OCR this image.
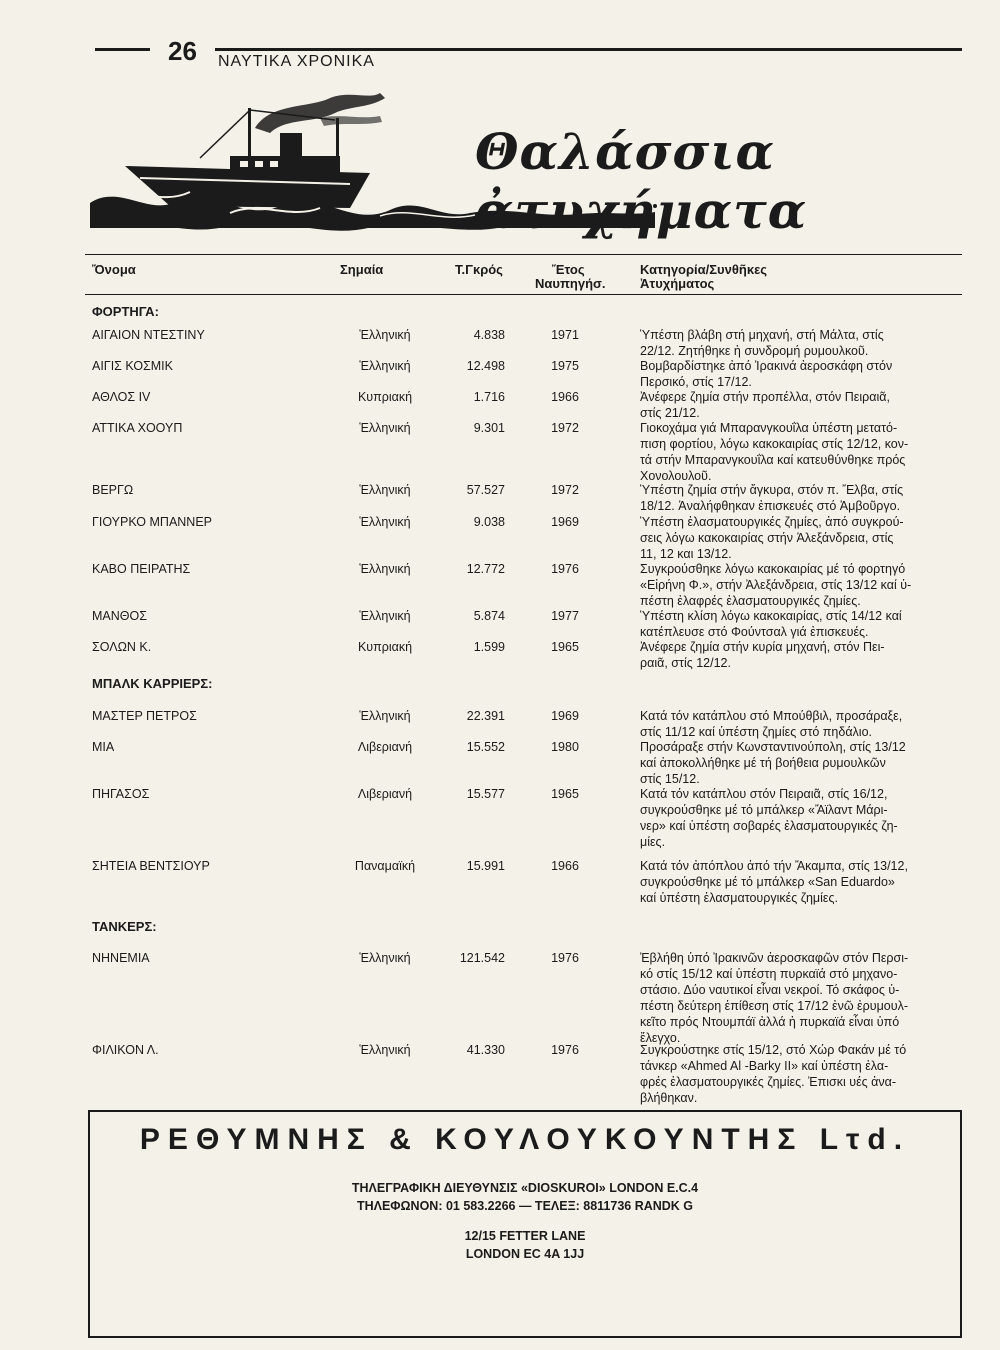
26 ΝΑΥΤΙΚΑ ΧΡΟΝΙΚΑ
Θαλάσσια ἀτυχήματα
Ὄνομα	Σημαία	Τ.Γκρός	Ἔτος
Ναυπηγήσ.
Κατηγορία/Συνθῆκες
Ἀτυχήματος
ΦΟΡΤΗΓΑ:
ΑΙΓΑΙΟΝ ΝΤΕΣΤΙΝΥ	Ἑλληνική	4.838	1971	Ὑπέστη βλάβη στή μηχανή, στή Μάλτα, στίς
22/12. Ζητήθηκε ἡ συνδρομή ρυμουλκοῦ.
ΑΙΓΙΣ ΚΟΣΜΙΚ	Ἑλληνική	12.498	1975	Βομβαρδίστηκε ἀπό Ἰρακινά ἀεροσκάφη στόν
Περσικό, στίς 17/12.
ΑΘΛΟΣ IV	Κυπριακή	1.716	1966	Ἀνέφερε ζημία στήν προπέλλα, στόν Πειραιᾶ,
στίς 21/12.
ΑΤΤΙΚΑ ΧΟΟΥΠ	Ἑλληνική	9.301	1972	Γιοκοχάμα γιά Μπαρανγκουΐλα ὑπέστη μετατό-
πιση φορτίου, λόγω κακοκαιρίας στίς 12/12, κον-
τά στήν Μπαρανγκουΐλα καί κατευθύνθηκε πρός
Χονολουλοῦ.
ΒΕΡΓΩ	Ἑλληνική	57.527	1972	Ὑπέστη ζημία στήν ἄγκυρα, στόν π. Ἔλβα, στίς
18/12. Ἀναλήφθηκαν ἐπισκευές στό Ἀμβοῦργο.
ΓΙΟΥΡΚΟ ΜΠΑΝΝΕΡ	Ἑλληνική	9.038	1969	Ὑπέστη ἐλασματουργικές ζημίες, ἀπό συγκρού-
σεις λόγω κακοκαιρίας στήν Ἀλεξάνδρεια, στίς
11, 12 και 13/12.
ΚΑΒΟ ΠΕΙΡΑΤΗΣ	Ἑλληνική	12.772	1976	Συγκρούσθηκε λόγω κακοκαιρίας μέ τό φορτηγό
«Εἰρήνη Φ.», στήν Ἀλεξάνδρεια, στίς 13/12 καί ὑ-
πέστη ἐλαφρές ἐλασματουργικές ζημίες.
ΜΑΝΘΟΣ	Ἑλληνική	5.874	1977	Ὑπέστη κλίση λόγω κακοκαιρίας, στίς 14/12 καί
κατέπλευσε στό Φούντσαλ γιά ἐπισκευές.
ΣΟΛΩΝ Κ.	Κυπριακή	1.599	1965	Ἀνέφερε ζημία στήν κυρία μηχανή, στόν Πει-
ραιᾶ, στίς 12/12.
ΜΠΑΛΚ ΚΑΡΡΙΕΡΣ:
ΜΑΣΤΕΡ ΠΕΤΡΟΣ	Ἑλληνική	22.391	1969	Κατά τόν κατάπλου στό Μπούθβιλ, προσάραξε,
στίς 11/12 καί ὑπέστη ζημίες στό πηδάλιο.
ΜΙΑ	Λιβεριανή	15.552	1980	Προσάραξε στήν Κωνσταντινούπολη, στίς 13/12
καί ἀποκολλήθηκε μέ τή βοήθεια ρυμουλκῶν
στίς 15/12.
ΠΗΓΑΣΟΣ	Λιβεριανή	15.577	1965	Κατά τόν κατάπλου στόν Πειραιᾶ, στίς 16/12,
συγκρούσθηκε μέ τό μπάλκερ «Ἄϊλαντ Μάρι-
νερ» καί ὑπέστη σοβαρές ἐλασματουργικές ζη-
μίες.
ΣΗΤΕΙΑ ΒΕΝΤΣΙΟΥΡ	Παναμαϊκή	15.991	1966	Κατά τόν ἀπόπλου ἀπό τήν Ἄκαμπα, στίς 13/12,
συγκρούσθηκε μέ τό μπάλκερ «San Eduardo»
καί ὑπέστη ἐλασματουργικές ζημίες.
ΤΑΝΚΕΡΣ:
ΝΗΝΕΜΙΑ	Ἑλληνική	121.542	1976	Ἐβλήθη ὑπό Ἰρακινῶν ἀεροσκαφῶν στόν Περσι-
κό στίς 15/12 καί ὑπέστη πυρκαϊά στό μηχανο-
στάσιο. Δύο ναυτικοί εἶναι νεκροί. Τό σκάφος ὑ-
πέστη δεύτερη ἐπίθεση στίς 17/12 ἐνῶ ἐρυμουλ-
κεῖτο πρός Ντουμπάϊ ἀλλά ἡ πυρκαϊά εἶναι ὑπό
ἔλεγχο.
ΦΙΛΙΚΟΝ Λ.	Ἑλληνική	41.330	1976	Συγκρούστηκε στίς 15/12, στό Χώρ Φακάν μέ τό
τάνκερ «Ahmed Al -Barky II» καί ὑπέστη ἐλα-
φρές ἐλασματουργικές ζημίες. Ἐπισκι υές ἀνα-
βλήθηκαν.
ΡΕΘΥΜΝΗΣ & ΚΟΥΛΟΥΚΟΥΝΤΗΣ Lτd.
ΤΗΛΕΓΡΑΦΙΚΗ ΔΙΕΥΘΥΝΣΙΣ «DIOSKUROI» LONDON E.C.4
ΤΗΛΕΦΩΝΟΝ: 01 583.2266 — ΤΕΛΕΞ: 8811736 RANDK G
12/15 FETTER LANE
LONDON EC 4A 1JJ
